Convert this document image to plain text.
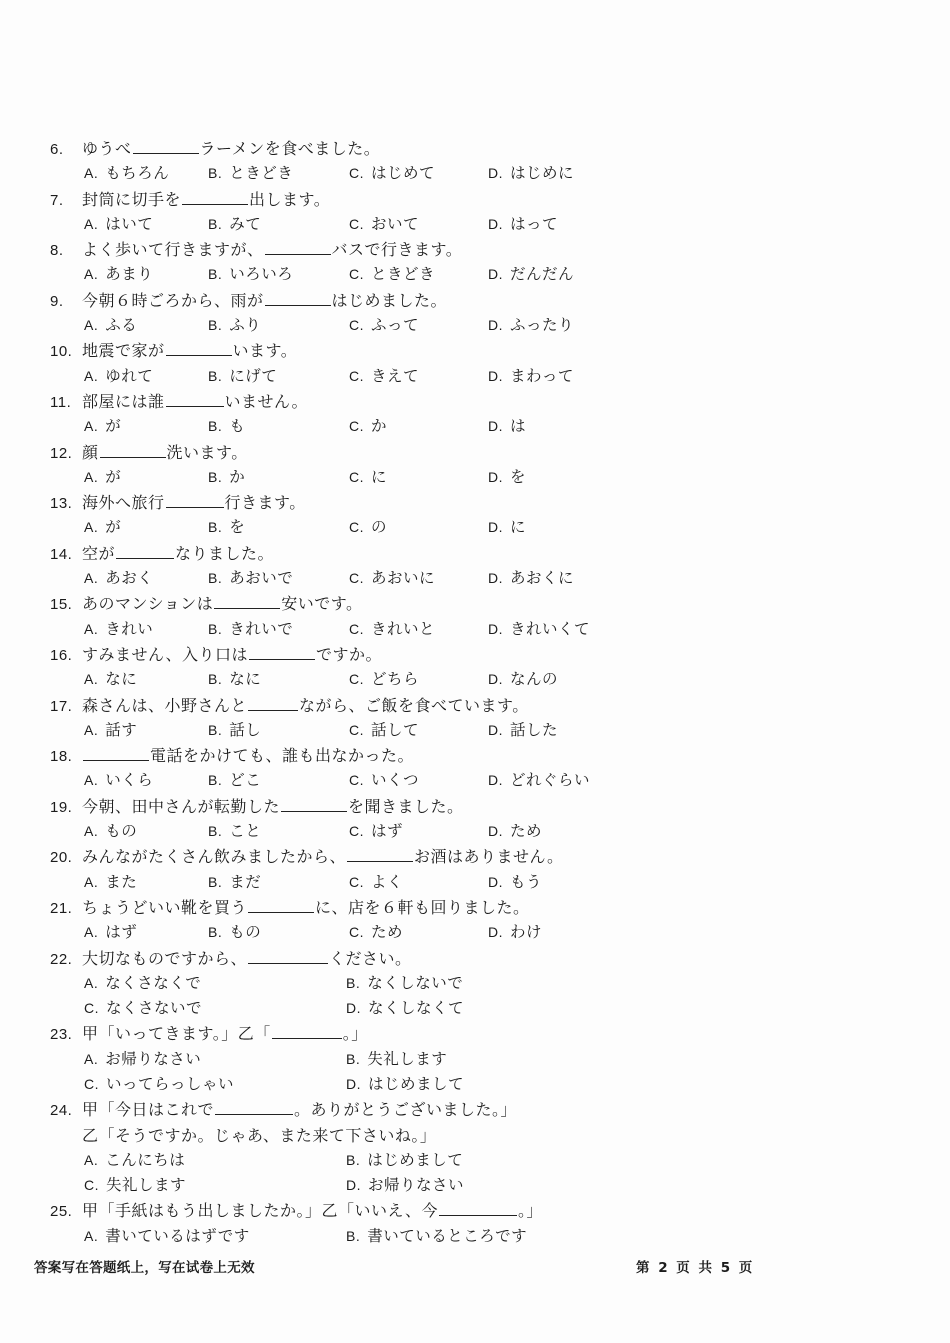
6.	ゆうべ	ラーメンを食べました。
A. もちろん	B. ときどき	C. はじめて	D. はじめに
7.	封筒に切手を	出します。
A. はいて	B. みて	C. おいて	D. はって
8.	よく歩いて行きますが、	バスで行きます。
A. あまり	B. いろいろ	C. ときどき	D. だんだん
9.	今朝６時ごろから、雨が	はじめました。
A. ふる	B. ふり	C. ふって	D. ふったり
10. 地震で家が	います。
A. ゆれて	B. にげて	C. きえて	D. まわって
11. 部屋には誰	いません。
A. が	B. も	C. か	D. は
12. 顔	洗います。
A. が	B. か	C. に	D. を
13. 海外へ旅行	行きます。
A. が	B. を	C. の	D. に
14. 空が	なりました。
A. あおく	B. あおいで	C. あおいに	D. あおくに
15. あのマンションは	安いです。
A. きれい	B. きれいで	C. きれいと	D. きれいくて
16. すみません、入り口は	ですか。
A. なに	B. なに	C. どちら	D. なんの
17. 森さんは、小野さんと	ながら、ご飯を食べています。
A. 話す	B. 話し	C. 話して	D. 話した
18.	電話をかけても、誰も出なかった。
A. いくら	B. どこ	C. いくつ	D. どれぐらい
19. 今朝、田中さんが転勤した	を聞きました。
A. もの	B. こと	C. はず	D. ため
20. みんながたくさん飲みましたから、	お酒はありません。
A. また	B. まだ	C. よく	D. もう
21. ちょうどいい靴を買う	に、店を６軒も回りました。
A. はず	B. もの	C. ため	D. わけ
22. 大切なものですから、	ください。
A. なくさなくで	B. なくしないで
C. なくさないで	D. なくしなくて
23. 甲「いってきます。」乙「	。」
A. お帰りなさい	B. 失礼します
C. いってらっしゃい	D. はじめまして
24. 甲「今日はこれで	。ありがとうございました。」
乙「そうですか。じゃあ、また来て下さいね。」
A. こんにちは	B. はじめまして
C. 失礼します	D. お帰りなさい
25. 甲「手紙はもう出しましたか。」乙「いいえ、今	。」
A. 書いているはずです	B. 書いているところです
答案写在答题纸上，写在试卷上无效	第 2 页 共 5 页
